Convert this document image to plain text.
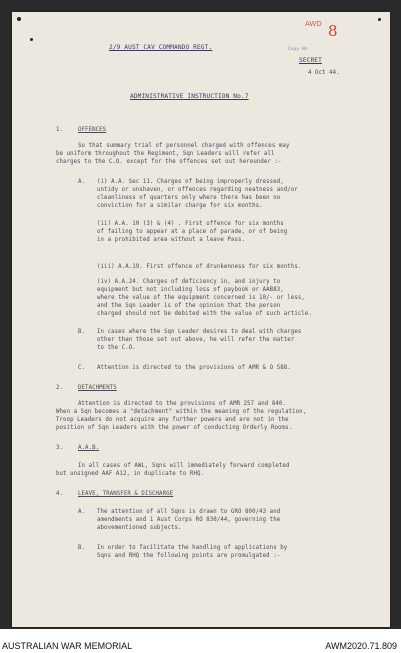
2/9 AUST CAV COMMANDO REGT.
AWD 8
Copy No
SECRET
4 Oct 44.
ADMINISTRATIVE INSTRUCTION No.7
1.	OFFENCES
So that summary trial of personnel charged with offences may
be uniform throughout the Regiment, Sqn Leaders will refer all
charges to the C.O. except for the offences set out hereunder :-
A. (i) A.A. Sec 11. Charges of being improperly dressed,
untidy or unshaven, or offences regarding neatness and/or
cleanliness of quarters only where there has been no
conviction for a similar charge for six months.
(ii) A.A. 10 (3) & (4) . First offence for six months
of failing to appear at a place of parade, or of being
in a prohibited area without a leave Pass.
(iii) A.A.19. First offence of drunkenness for six months.
(iv) A.A.24. Charges of deficiency in, and injury to
equipment but not including loss of paybook or AAB83,
where the value of the equipment concerned is 10/- or less,
and the Sqn Leader is of the opinion that the person
charged should not be debited with the value of such article.
B. In cases where the Sqn Leader desires to deal with charges
other than those set out above, he will refer the matter
to the C.O.
C. Attention is directed to the provisions of AMR & O 588.
2.	DETACHMENTS
Attention is directed to the provisions of AMR 257 and 840.
When a Sqn becomes a "detachment" within the meaning of the regulation,
Troop Leaders do not acquire any further powers and are not in the
position of Sqn Leaders with the power of conducting Orderly Rooms.
3.	A.A.B.
In all cases of AWL, Sqns will immediately forward completed
but unsigned AAF A12, in duplicate to RHQ.
4.	LEAVE, TRANSFER & DISCHARGE
A. The attention of all Sqns is drawn to GRO 800/43 and
amendments and 1 Aust Corps RO 830/44, governing the
abovementioned subjects.
B. In order to facilitate the handling of applications by
Sqns and RHQ the following points are promulgated :-
AUSTRALIAN WAR MEMORIAL	AWM2020.71.809
